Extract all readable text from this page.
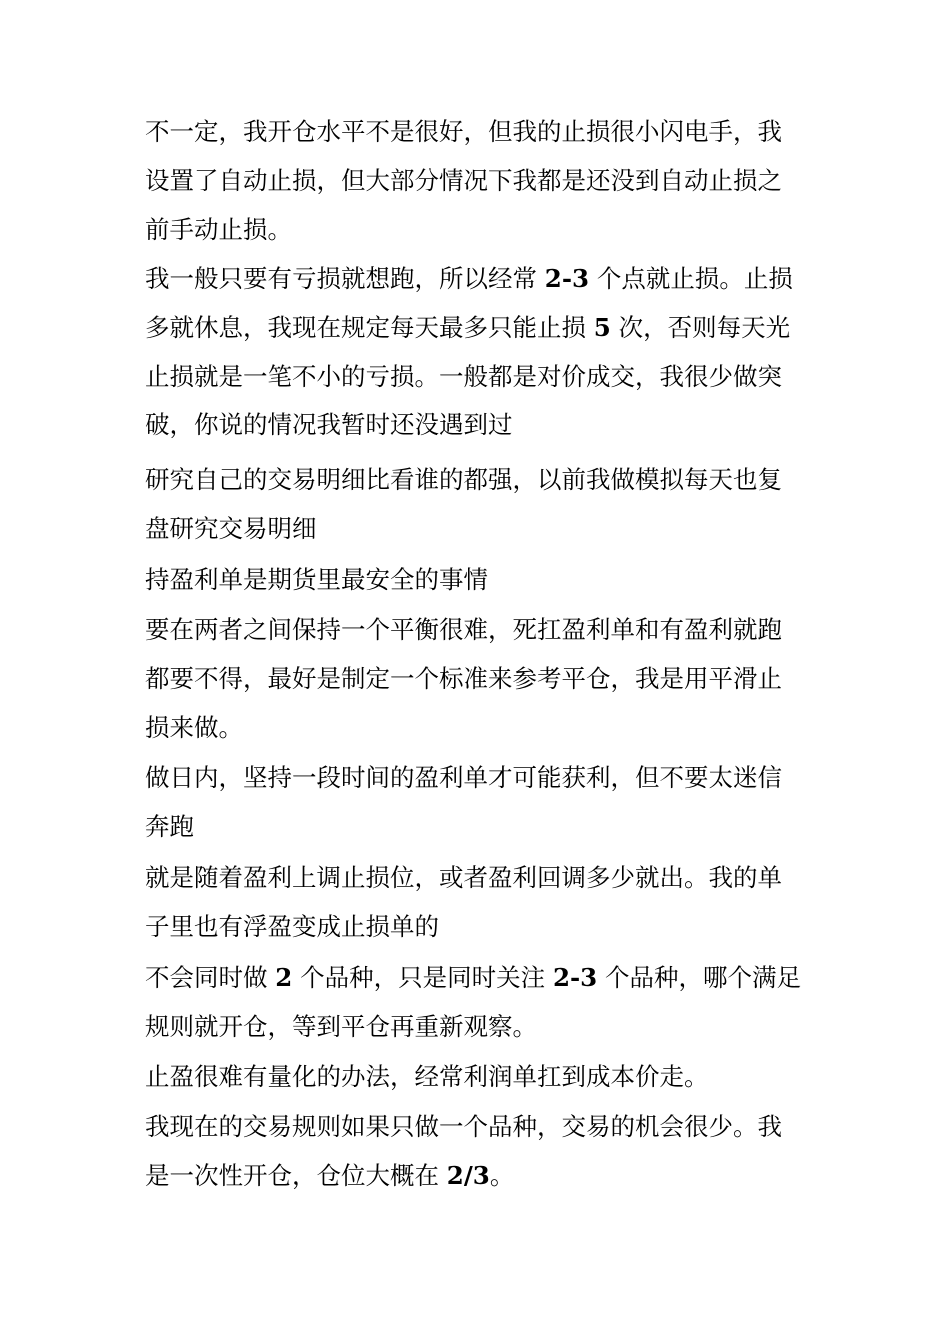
不一定，我开仓水平不是很好，但我的止损很小闪电手，我
设置了自动止损，但大部分情况下我都是还没到自动止损之
前手动止损。
我一般只要有亏损就想跑，所以经常 2-3 个点就止损。止损
多就休息，我现在规定每天最多只能止损 5 次，否则每天光
止损就是一笔不小的亏损。一般都是对价成交，我很少做突
破，你说的情况我暂时还没遇到过
研究自己的交易明细比看谁的都强，以前我做模拟每天也复
盘研究交易明细
持盈利单是期货里最安全的事情
要在两者之间保持一个平衡很难，死扛盈利单和有盈利就跑
都要不得，最好是制定一个标准来参考平仓，我是用平滑止
损来做。
做日内，坚持一段时间的盈利单才可能获利，但不要太迷信
奔跑
就是随着盈利上调止损位，或者盈利回调多少就出。我的单
子里也有浮盈变成止损单的
不会同时做 2 个品种，只是同时关注 2-3 个品种，哪个满足
规则就开仓，等到平仓再重新观察。
止盈很难有量化的办法，经常利润单扛到成本价走。
我现在的交易规则如果只做一个品种，交易的机会很少。我
是一次性开仓，仓位大概在 2/3。
